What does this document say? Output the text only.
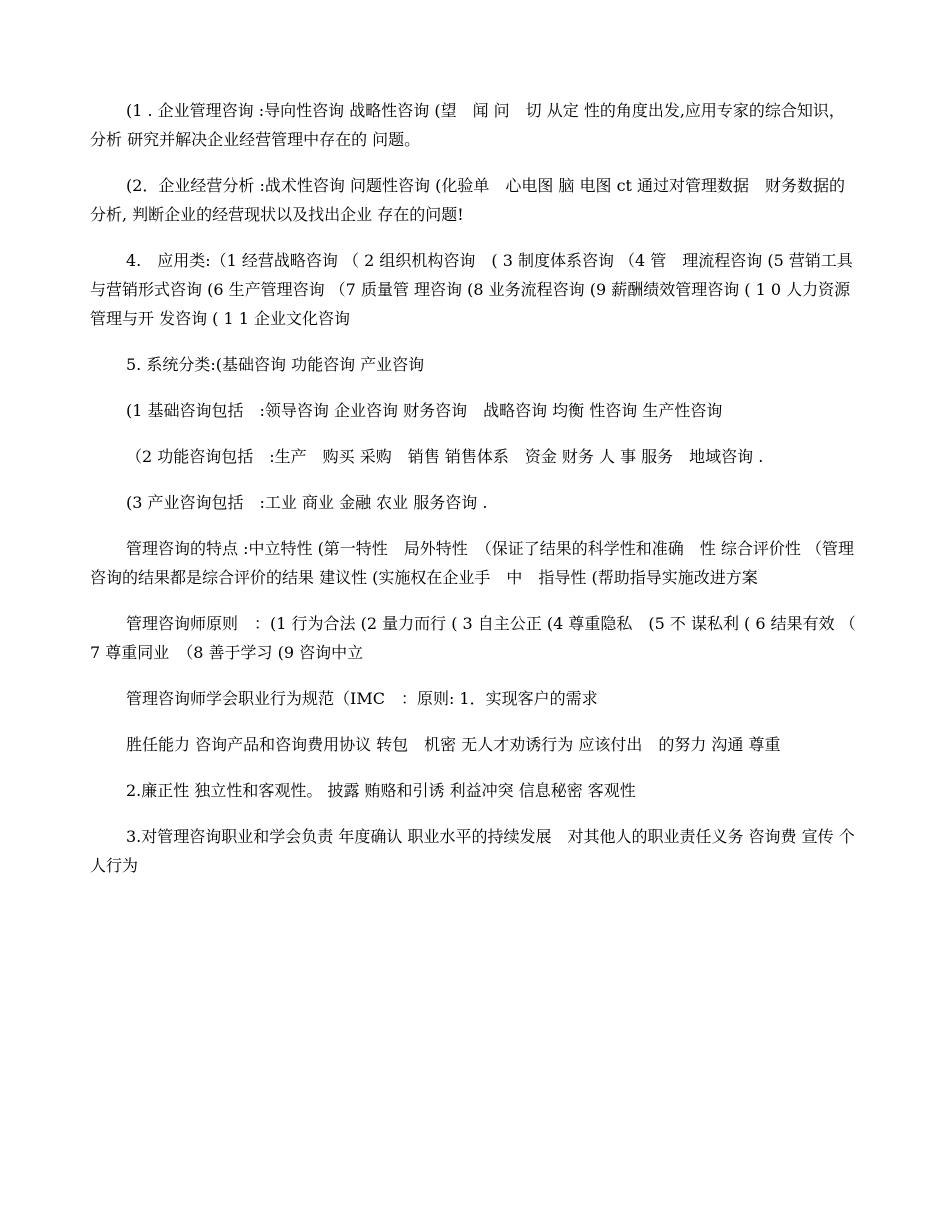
(1 . 企业管理咨询 :导向性咨询 战略性咨询 (望　闻 问　切 从定 性的角度出发,应用专家的综合知识，分析 研究并解决企业经营管理中存在的 问题。

(2．企业经营分析 :战术性咨询 问题性咨询 (化验单　心电图 脑 电图 ct 通过对管理数据　财务数据的分析, 判断企业的经营现状以及找出企业 存在的问题!

4.　应用类:（1 经营战略咨询 （ 2 组织机构咨询　( 3 制度体系咨询 （4 管　理流程咨询 (5 营销工具与营销形式咨询 (6 生产管理咨询 （7 质量管 理咨询 (8 业务流程咨询 (9 薪酬绩效管理咨询 ( 1 0 人力资源管理与开 发咨询 ( 1 1 企业文化咨询

5. 系统分类:(基础咨询 功能咨询 产业咨询

(1 基础咨询包括　:领导咨询 企业咨询 财务咨询　战略咨询 均衡 性咨询 生产性咨询

（2 功能咨询包括　:生产　购买 采购　销售 销售体系　资金 财务 人 事 服务　地域咨询 .

(3 产业咨询包括　:工业 商业 金融 农业 服务咨询 .

管理咨询的特点 :中立特性 (第一特性　局外特性　（保证了结果的科学性和准确　性 综合评价性 （管理咨询的结果都是综合评价的结果 建议性 (实施权在企业手　中　指导性 (帮助指导实施改进方案

管理咨询师原则　：(1 行为合法 (2 量力而行 ( 3 自主公正 (4 尊重隐私　(5 不 谋私利 ( 6 结果有效 （ 7 尊重同业　（8 善于学习 (9 咨询中立

管理咨询师学会职业行为规范（IMC　：原则: 1．实现客户的需求

胜任能力 咨询产品和咨询费用协议 转包　机密 无人才劝诱行为 应该付出　的努力 沟通 尊重

2.廉正性 独立性和客观性。 披露 贿赂和引诱 利益冲突 信息秘密 客观性

3.对管理咨询职业和学会负责 年度确认 职业水平的持续发展　对其他人的职业责任义务 咨询费 宣传 个 人行为
